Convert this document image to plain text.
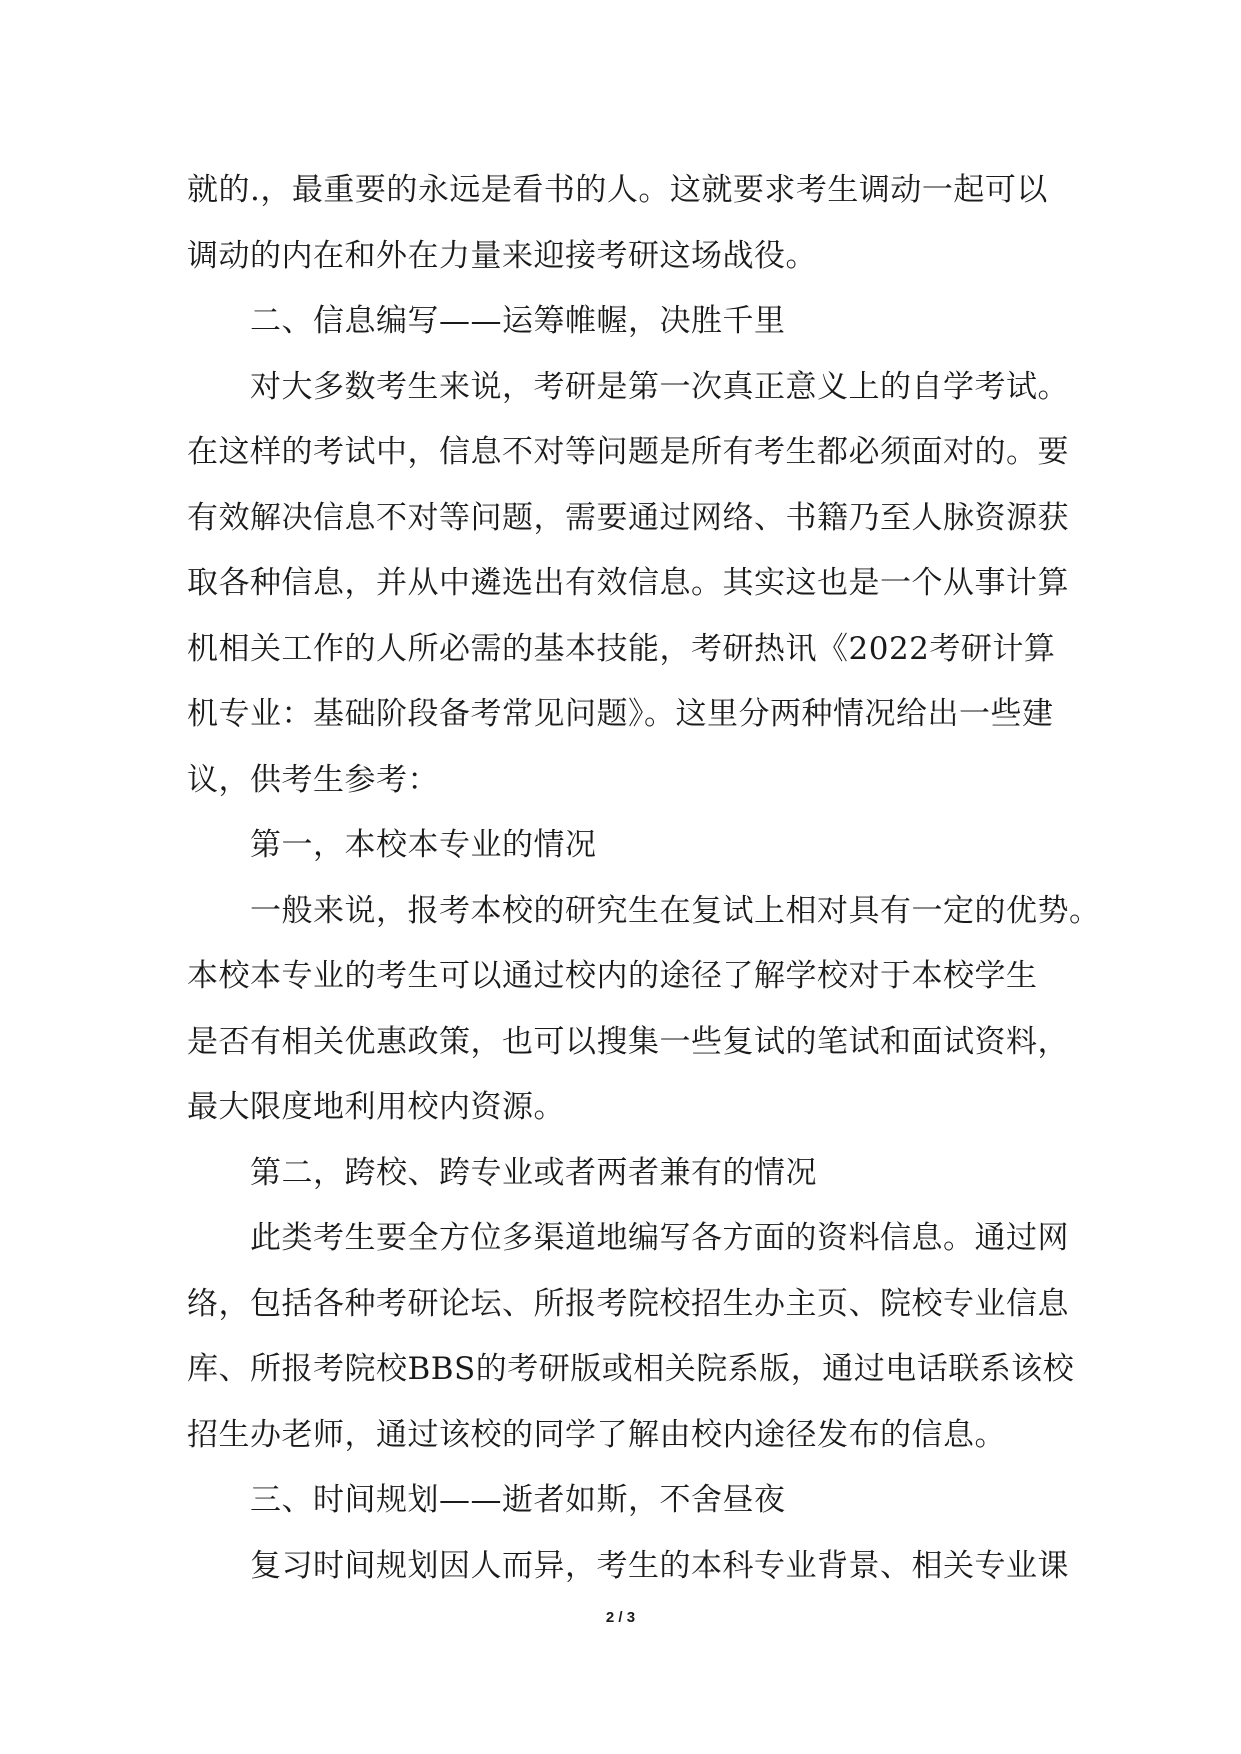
就的.，最重要的永远是看书的人。这就要求考生调动一起可以
调动的内在和外在力量来迎接考研这场战役。
二、信息编写——运筹帷幄，决胜千里
对大多数考生来说，考研是第一次真正意义上的自学考试。
在这样的考试中，信息不对等问题是所有考生都必须面对的。要
有效解决信息不对等问题，需要通过网络、书籍乃至人脉资源获
取各种信息，并从中遴选出有效信息。其实这也是一个从事计算
机相关工作的人所必需的基本技能，考研热讯《2022考研计算
机专业：基础阶段备考常见问题》。这里分两种情况给出一些建
议，供考生参考：
第一，本校本专业的情况
一般来说，报考本校的研究生在复试上相对具有一定的优势。
本校本专业的考生可以通过校内的途径了解学校对于本校学生
是否有相关优惠政策，也可以搜集一些复试的笔试和面试资料，
最大限度地利用校内资源。
第二，跨校、跨专业或者两者兼有的情况
此类考生要全方位多渠道地编写各方面的资料信息。通过网
络，包括各种考研论坛、所报考院校招生办主页、院校专业信息
库、所报考院校BBS的考研版或相关院系版，通过电话联系该校
招生办老师，通过该校的同学了解由校内途径发布的信息。
三、时间规划——逝者如斯，不舍昼夜
复习时间规划因人而异，考生的本科专业背景、相关专业课
2 / 3
